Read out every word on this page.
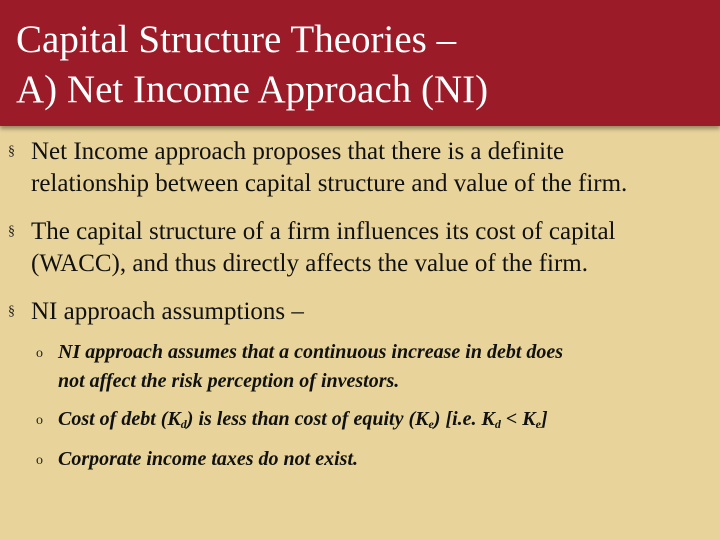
Capital Structure Theories –
A) Net Income Approach (NI)
§ Net Income approach proposes that there is a definite
relationship between capital structure and value of the firm.
§ The capital structure of a firm influences its cost of capital
(WACC), and thus directly affects the value of the firm.
§ NI approach assumptions –
o NI approach assumes that a continuous increase in debt does
not affect the risk perception of investors.
o Cost of debt $(K_d)$ is less than cost of equity $(K_e)$ [i.e. $K_d < K_e$]
o Corporate income taxes do not exist.
